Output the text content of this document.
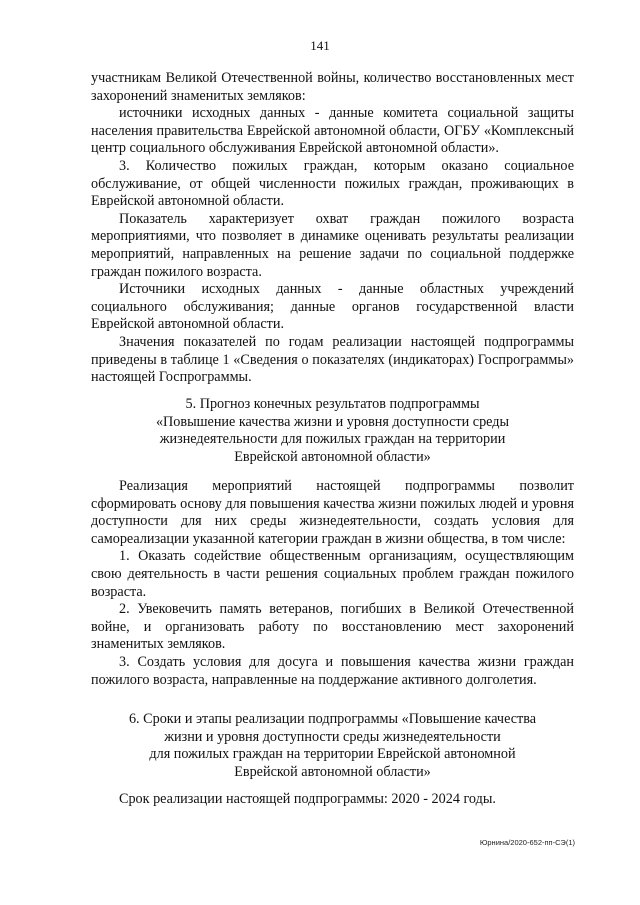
141

участникам Великой Отечественной войны, количество восстановленных мест захоронений знаменитых земляков:

источники исходных данных - данные комитета социальной защиты населения правительства Еврейской автономной области, ОГБУ «Комплексный центр социального обслуживания Еврейской автономной области».

3. Количество пожилых граждан, которым оказано социальное обслуживание, от общей численности пожилых граждан, проживающих в Еврейской автономной области.

Показатель характеризует охват граждан пожилого возраста мероприятиями, что позволяет в динамике оценивать результаты реализации мероприятий, направленных на решение задачи по социальной поддержке граждан пожилого возраста.

Источники исходных данных - данные областных учреждений социального обслуживания; данные органов государственной власти Еврейской автономной области.

Значения показателей по годам реализации настоящей подпрограммы приведены в таблице 1 «Сведения о показателях (индикаторах) Госпрограммы» настоящей Госпрограммы.

5. Прогноз конечных результатов подпрограммы
«Повышение качества жизни и уровня доступности среды
жизнедеятельности для пожилых граждан на территории
Еврейской автономной области»

Реализация мероприятий настоящей подпрограммы позволит сформировать основу для повышения качества жизни пожилых людей и уровня доступности для них среды жизнедеятельности, создать условия для самореализации указанной категории граждан в жизни общества, в том числе:

1. Оказать содействие общественным организациям, осуществляющим свою деятельность в части решения социальных проблем граждан пожилого возраста.

2. Увековечить память ветеранов, погибших в Великой Отечественной войне, и организовать работу по восстановлению мест захоронений знаменитых земляков.

3. Создать условия для досуга и повышения качества жизни граждан пожилого возраста, направленные на поддержание активного долголетия.

6. Сроки и этапы реализации подпрограммы «Повышение качества
жизни и уровня доступности среды жизнедеятельности
для пожилых граждан на территории Еврейской автономной
Еврейской автономной области»

Срок реализации настоящей подпрограммы: 2020 - 2024 годы.

Юрнина/2020-652-пп-СЭ(1)
